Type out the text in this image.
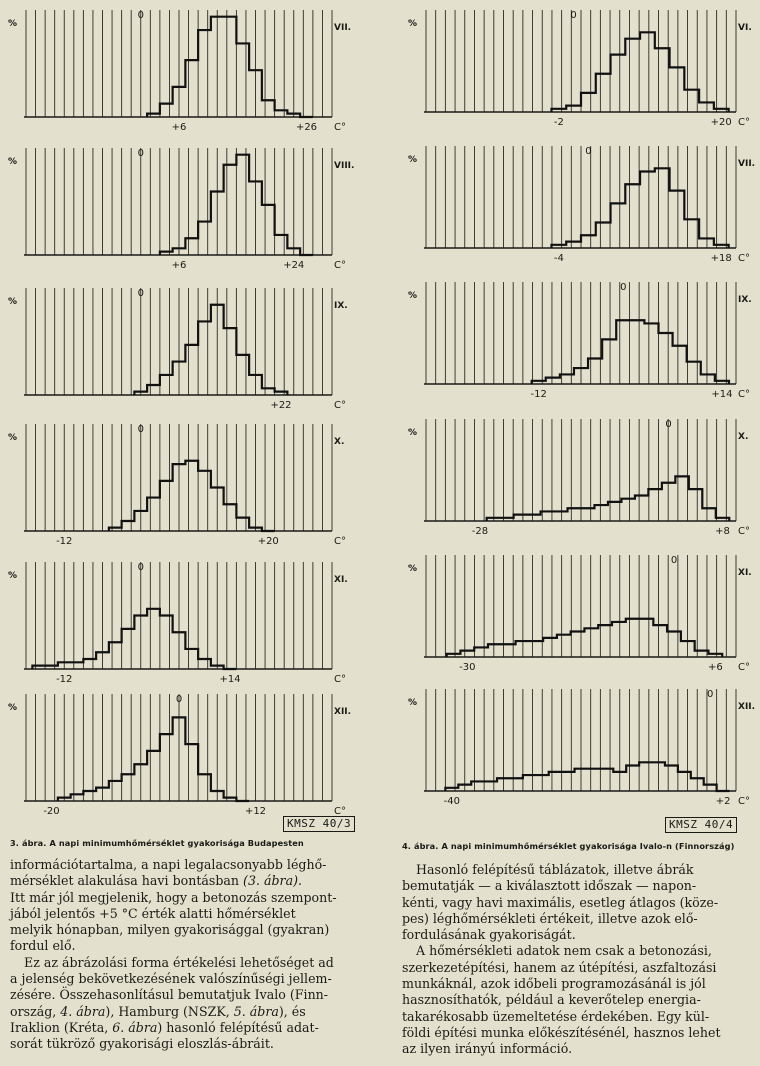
%	VII.
C°
0
+6	+26
%	VIII.
C°
0
+6	+24
%	IX.
C°
0
+22
%	X.
C°
0
-12	+20
%	XI.
C°
0
-12	+14
%	XII.
C°
0
-20	+12
%	VI.
C°
0
-2	+20
%	VII.
C°
0
-4	+18
%	IX.
C°
0
-12	+14
%	X.
C°
0
-28	+8
%	XI.
C°
0
-30	+6
%	XII.
C°
0
-40	+2
KMSZ 40/3
3. ábra. A napi minimumhőmérséklet gyakorisága Budapesten
KMSZ 40/4
4. ábra. A napi minimumhőmérséklet gyakorisága Ivalo-n (Finnország)

információtartalma, a napi legalacsonyabb léghő-
mérséklet alakulása havi bontásban (3. ábra).
Itt már jól megjelenik, hogy a betonozás szempont-
jából jelentős +5 °C érték alatti hőmérséklet
melyik hónapban, milyen gyakorisággal (gyakran)
fordul elő.

Ez az ábrázolási forma értékelési lehetőséget ad
a jelenség bekövetkezésének valószínűségi jellem-
zésére. Összehasonlításul bemutatjuk Ivalo (Finn-
ország, 4. ábra), Hamburg (NSZK, 5. ábra), és
Iraklion (Kréta, 6. ábra) hasonló felépítésű adat-
sorát tükröző gyakorisági eloszlás-ábráit.

Hasonló felépítésű táblázatok, illetve ábrák
bemutatják — a kiválasztott időszak — napon-
kénti, vagy havi maximális, esetleg átlagos (köze-
pes) léghőmérsékleti értékeit, illetve azok elő-
fordulásának gyakoriságát.

A hőmérsékleti adatok nem csak a betonozási,
szerkezetépítési, hanem az útépítési, aszfaltozási
munkáknál, azok időbeli programozásánál is jól
hasznosíthatók, például a keverőtelep energia-
takarékosabb üzemeltetése érdekében. Egy kül-
földi építési munka előkészítésénél, hasznos lehet
az ilyen irányú információ.
